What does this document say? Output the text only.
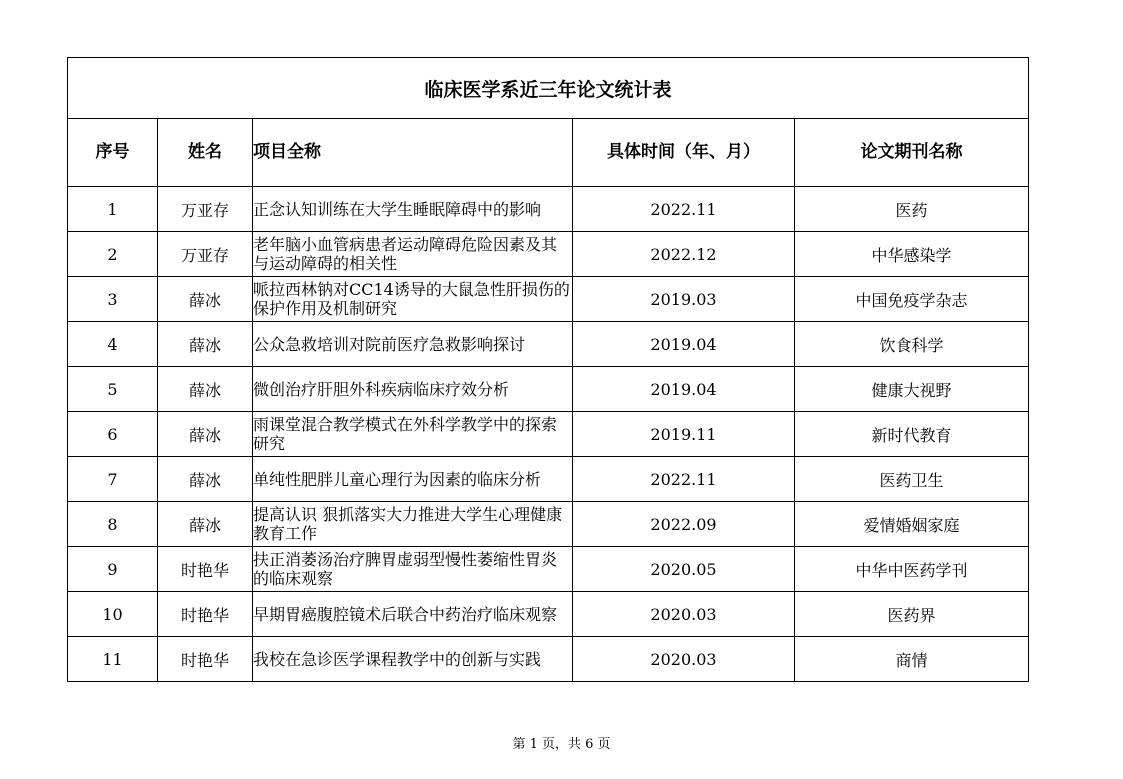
临床医学系近三年论文统计表				
序号	姓名	项目全称	具体时间（年、月）	论文期刊名称
1	万亚存	正念认知训练在大学生睡眠障碍中的影响	2022.11	医药
2	万亚存	老年脑小血管病患者运动障碍危险因素及其与运动障碍的相关性	2022.12	中华感染学
3	薛冰	哌拉西林钠对CC14诱导的大鼠急性肝损伤的保护作用及机制研究	2019.03	中国免疫学杂志
4	薛冰	公众急救培训对院前医疗急救影响探讨	2019.04	饮食科学
5	薛冰	微创治疗肝胆外科疾病临床疗效分析	2019.04	健康大视野
6	薛冰	雨课堂混合教学模式在外科学教学中的探索研究	2019.11	新时代教育
7	薛冰	单纯性肥胖儿童心理行为因素的临床分析	2022.11	医药卫生
8	薛冰	提高认识 狠抓落实大力推进大学生心理健康教育工作	2022.09	爱情婚姻家庭
9	时艳华	扶正消萎汤治疗脾胃虚弱型慢性萎缩性胃炎的临床观察	2020.05	中华中医药学刊
10	时艳华	早期胃癌腹腔镜术后联合中药治疗临床观察	2020.03	医药界
11	时艳华	我校在急诊医学课程教学中的创新与实践	2020.03	商情
第 1 页，共 6 页
